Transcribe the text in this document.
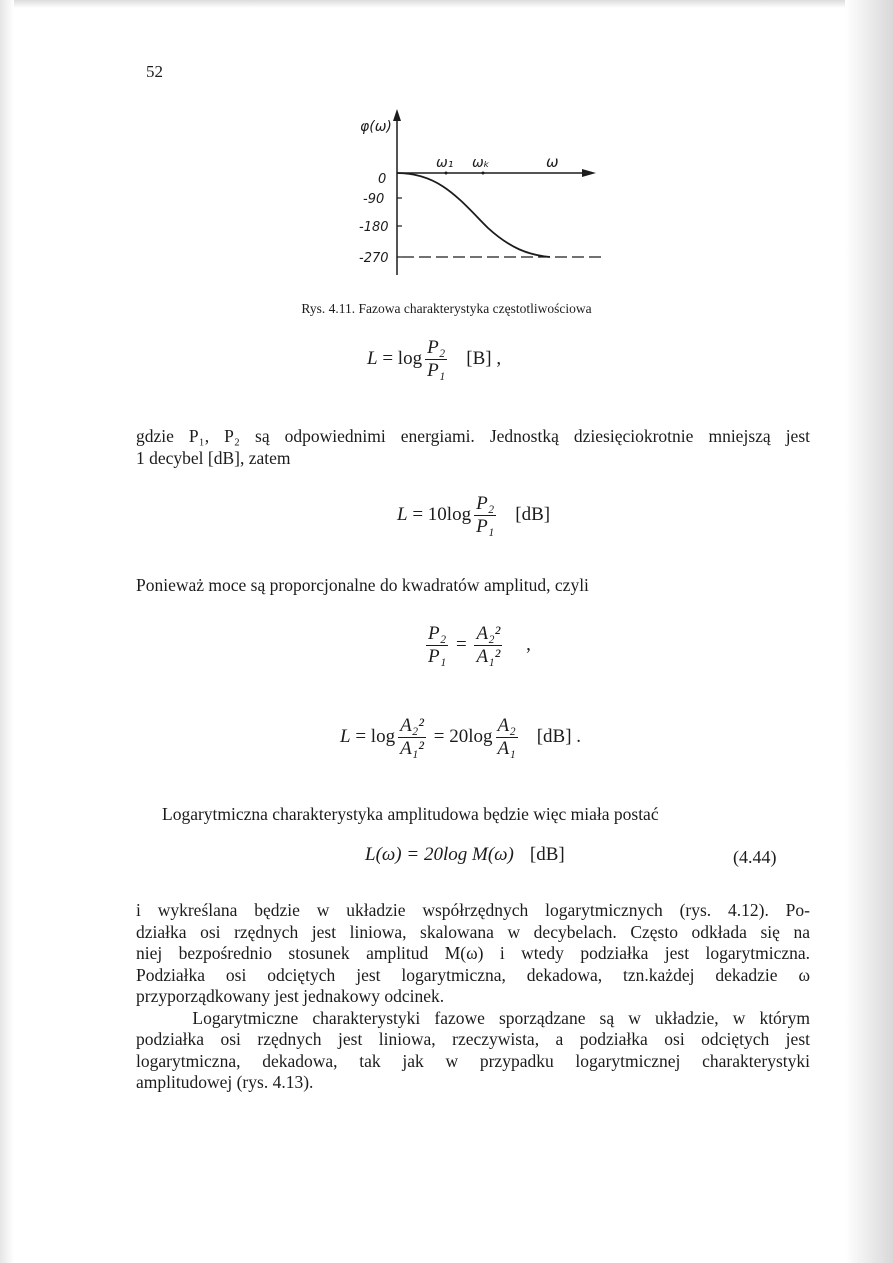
52
φ(ω)
ω
ω₁ ωₖ
0
-90
-180
-270
Rys. 4.11. Fazowa charakterystyka częstotliwościowa
$L = \log \frac{\text{P₂}}{\text{P₁}} [B]$ ,
gdzie P₁, P₂ są odpowiednimi energiami. Jednostką dziesięciokrotnie mniejszą jest
1 decybel [dB], zatem
$L = 10\log \frac{\text{P₂}}{\text{P₁}} [dB]$
Ponieważ moce są proporcjonalne do kwadratów amplitud, czyli
$\frac{\text{P₂}}{\text{P₁}} = \frac{\text{A₂²}}{\text{A₁²}}$ ,
$L = \log \frac{\text{A₂²}}{\text{A₁²}} = 20\log \frac{\text{A₂}}{\text{A₁}} [dB]$ .
Logarytmiczna charakterystyka amplitudowa będzie więc miała postać
L(ω) = 20log M(ω) [dB]	(4.44)
i wykreślana będzie w układzie współrzędnych logarytmicznych (rys. 4.12). Po-
działka osi rzędnych jest liniowa, skalowana w decybelach. Często odkłada się na
niej bezpośrednio stosunek amplitud M(ω) i wtedy podziałka jest logarytmiczna.
Podziałka osi odciętych jest logarytmiczna, dekadowa, tzn.każdej dekadzie ω
przyporządkowany jest jednakowy odcinek.
Logarytmiczne charakterystyki fazowe sporządzane są w układzie, w którym
podziałka osi rzędnych jest liniowa, rzeczywista, a podziałka osi odciętych jest
logarytmiczna, dekadowa, tak jak w przypadku logarytmicznej charakterystyki
amplitudowej (rys. 4.13).
